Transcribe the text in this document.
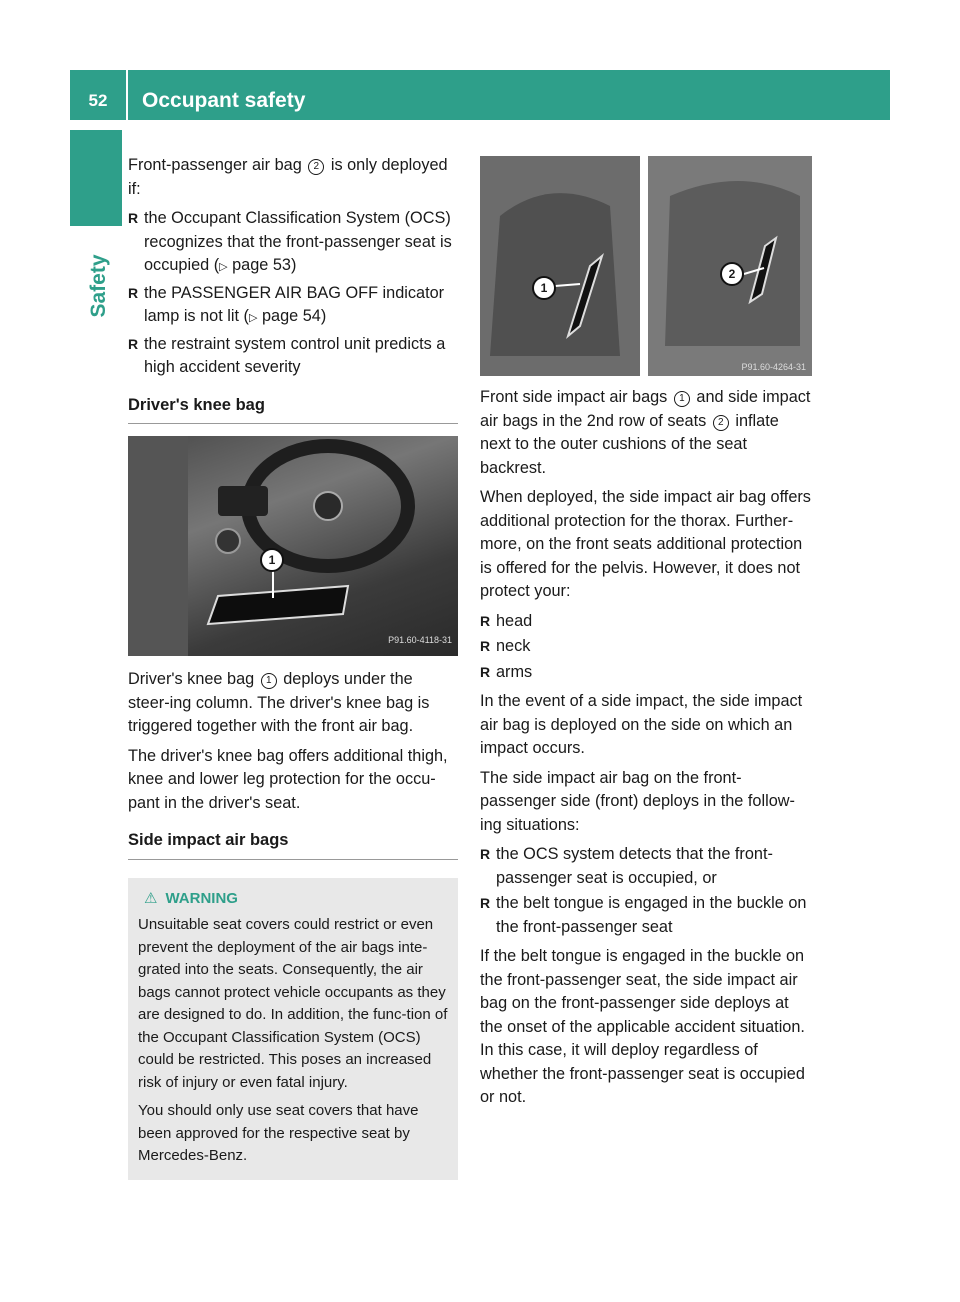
52	Occupant safety
Safety

Front-passenger air bag 2 is only deployed if:

R the Occupant Classification System (OCS) recognizes that the front-passenger seat is occupied (▷ page 53)
R the PASSENGER AIR BAG OFF indicator lamp is not lit (▷ page 54)
R the restraint system control unit predicts a high accident severity
Driver's knee bag
1
P91.60-4118-31

Driver's knee bag 1 deploys under the steer-ing column. The driver's knee bag is triggered together with the front air bag.

The driver's knee bag offers additional thigh, knee and lower leg protection for the occu-pant in the driver's seat.

Side impact air bags
⚠ WARNING

Unsuitable seat covers could restrict or even prevent the deployment of the air bags inte-grated into the seats. Consequently, the air bags cannot protect vehicle occupants as they are designed to do. In addition, the func-tion of the Occupant Classification System (OCS) could be restricted. This poses an increased risk of injury or even fatal injury.

You should only use seat covers that have been approved for the respective seat by Mercedes-Benz.

1
2
P91.60-4264-31

Front side impact air bags 1 and side impact air bags in the 2nd row of seats 2 inflate next to the outer cushions of the seat backrest.

When deployed, the side impact air bag offers additional protection for the thorax. Further-more, on the front seats additional protection is offered for the pelvis. However, it does not protect your:

R head
R neck
R arms

In the event of a side impact, the side impact air bag is deployed on the side on which an impact occurs.

The side impact air bag on the front-passenger side (front) deploys in the follow-ing situations:

R the OCS system detects that the front-passenger seat is occupied, or
R the belt tongue is engaged in the buckle on the front-passenger seat

If the belt tongue is engaged in the buckle on the front-passenger seat, the side impact air bag on the front-passenger side deploys at the onset of the applicable accident situation. In this case, it will deploy regardless of whether the front-passenger seat is occupied or not.
